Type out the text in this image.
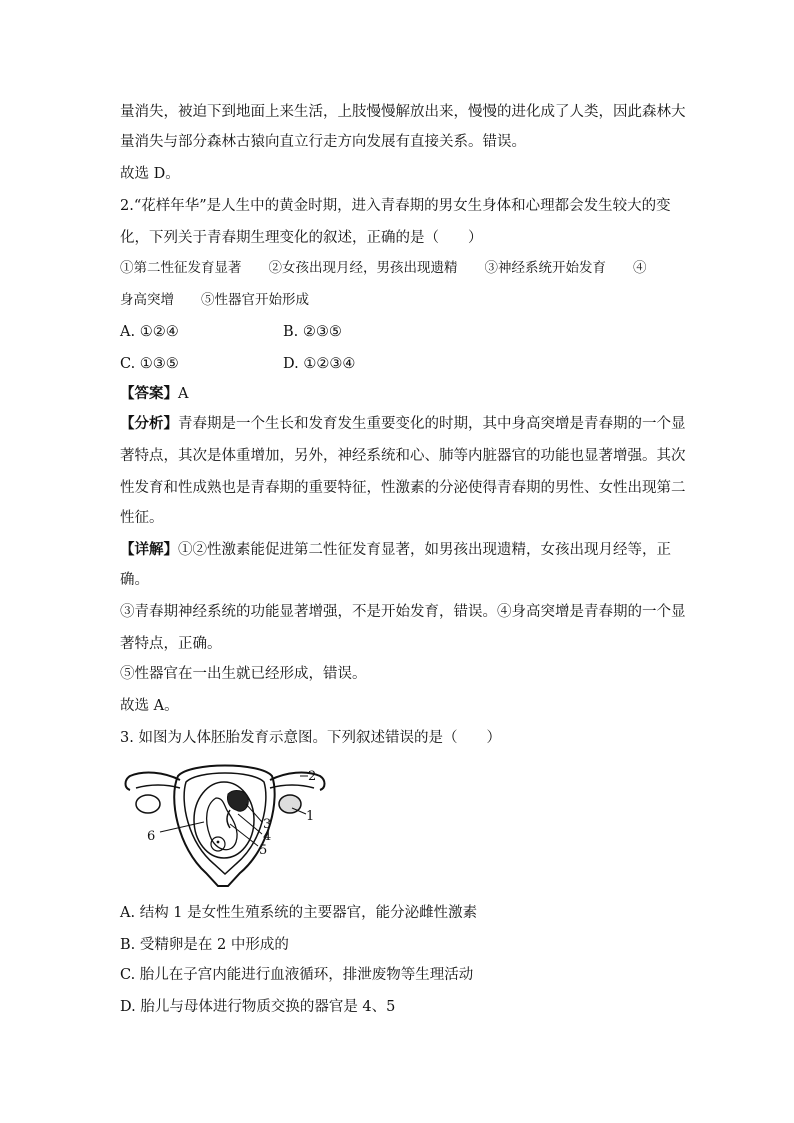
量消失，被迫下到地面上来生活，上肢慢慢解放出来，慢慢的进化成了人类，因此森林大
量消失与部分森林古猿向直立行走方向发展有直接关系。错误。
故选 D。
2.“花样年华”是人生中的黄金时期，进入青春期的男女生身体和心理都会发生较大的变
化，下列关于青春期生理变化的叙述，正确的是（　　）
①第二性征发育显著　　②女孩出现月经，男孩出现遗精　　③神经系统开始发育　　④
身高突增　　⑤性器官开始形成
A. ①②④	B. ②③⑤
C. ①③⑤	D. ①②③④
【答案】A
【分析】青春期是一个生长和发育发生重要变化的时期，其中身高突增是青春期的一个显
著特点，其次是体重增加，另外，神经系统和心、肺等内脏器官的功能也显著增强。其次
性发育和性成熟也是青春期的重要特征，性激素的分泌使得青春期的男性、女性出现第二
性征。
【详解】①②性激素能促进第二性征发育显著，如男孩出现遗精，女孩出现月经等，正
确。
③青春期神经系统的功能显著增强，不是开始发育，错误。④身高突增是青春期的一个显
著特点，正确。
⑤性器官在一出生就已经形成，错误。
故选 A。
3. 如图为人体胚胎发育示意图。下列叙述错误的是（　　）
2
1
3
4
5
6
A. 结构 1 是女性生殖系统的主要器官，能分泌雌性激素
B. 受精卵是在 2 中形成的
C. 胎儿在子宫内能进行血液循环，排泄废物等生理活动
D. 胎儿与母体进行物质交换的器官是 4、5
